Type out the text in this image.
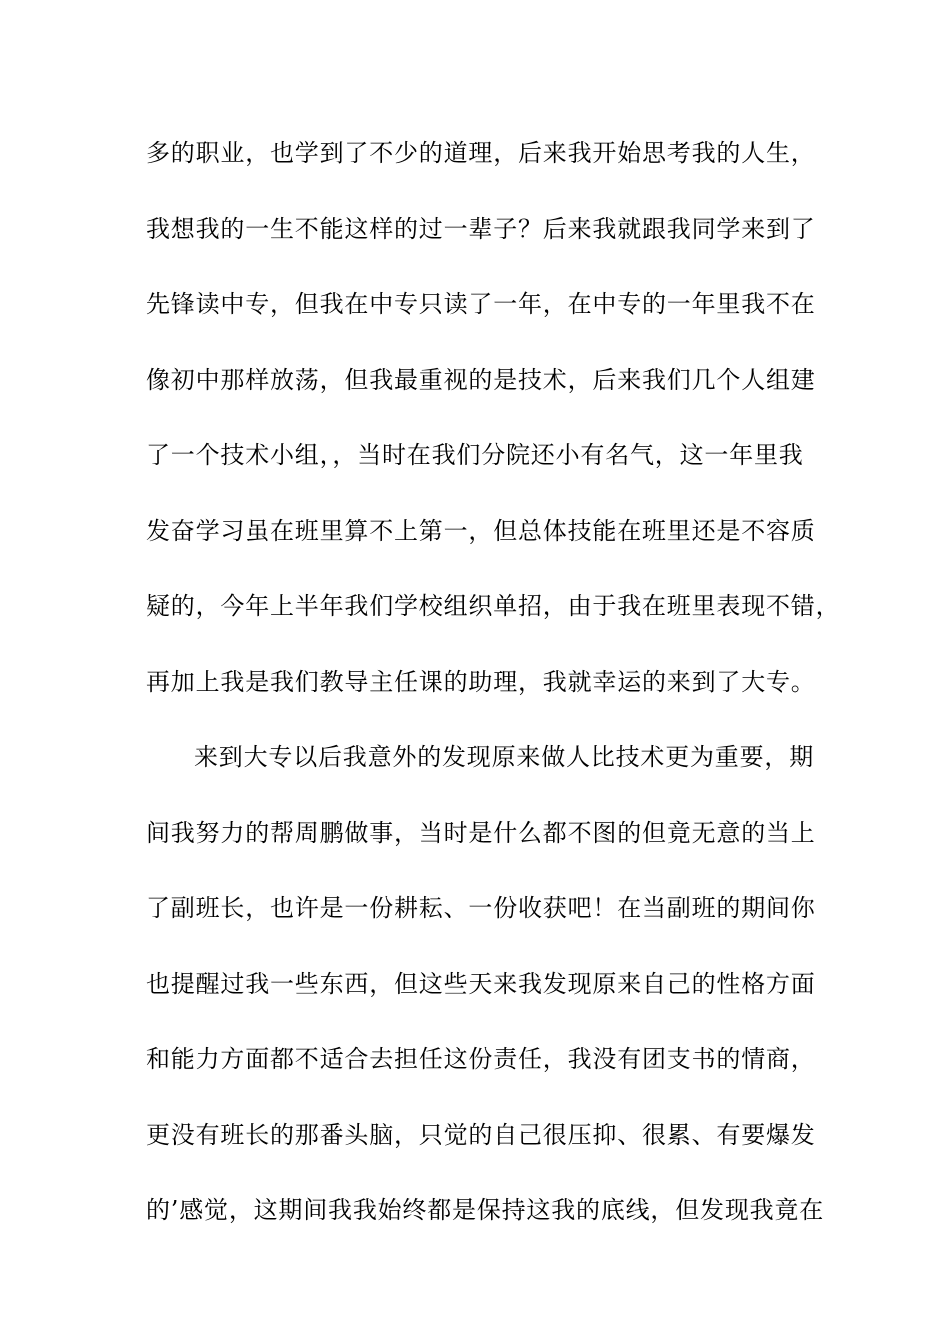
多的职业，也学到了不少的道理，后来我开始思考我的人生，
我想我的一生不能这样的过一辈子？后来我就跟我同学来到了
先锋读中专，但我在中专只读了一年，在中专的一年里我不在
像初中那样放荡，但我最重视的是技术，后来我们几个人组建
了一个技术小组，，当时在我们分院还小有名气，这一年里我
发奋学习虽在班里算不上第一，但总体技能在班里还是不容质
疑的，今年上半年我们学校组织单招，由于我在班里表现不错，
再加上我是我们教导主任课的助理，我就幸运的来到了大专。
来到大专以后我意外的发现原来做人比技术更为重要，期
间我努力的帮周鹏做事，当时是什么都不图的但竟无意的当上
了副班长，也许是一份耕耘、一份收获吧！在当副班的期间你
也提醒过我一些东西，但这些天来我发现原来自己的性格方面
和能力方面都不适合去担任这份责任，我没有团支书的情商，
更没有班长的那番头脑，只觉的自己很压抑、很累、有要爆发
的’感觉，这期间我我始终都是保持这我的底线，但发现我竟在
